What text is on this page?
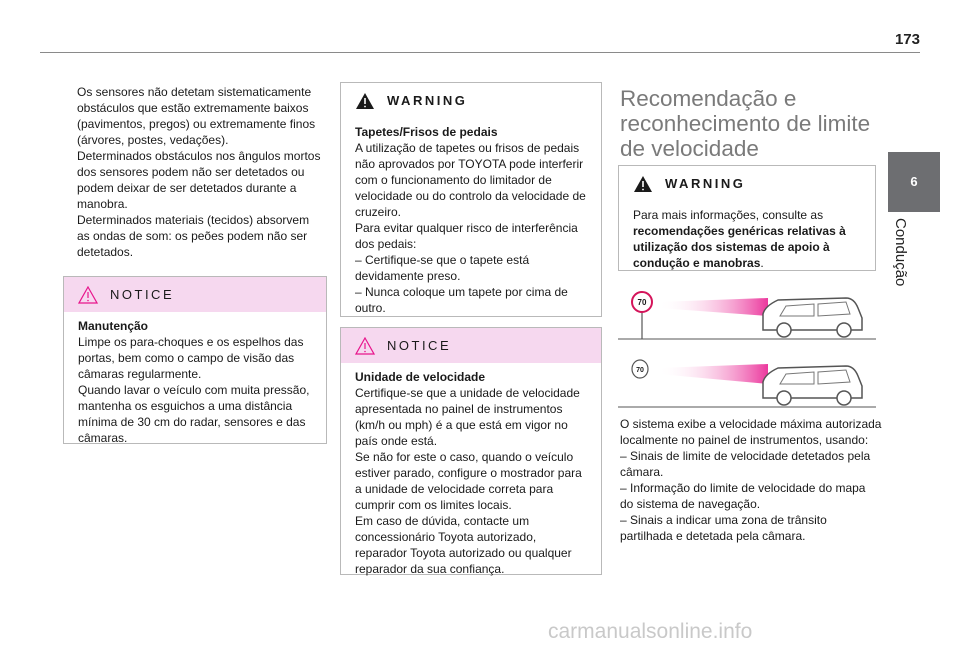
173
6
Condução

Os sensores não detetam sistematicamente obstáculos que estão extremamente baixos (pavimentos, pregos) ou extremamente finos (árvores, postes, vedações).

Determinados obstáculos nos ângulos mortos dos sensores podem não ser detetados ou podem deixar de ser detetados durante a manobra.

Determinados materiais (tecidos) absorvem as ondas de som: os peões podem não ser detetados.

NOTICE
Manutenção
Limpe os para-choques e os espelhos das portas, bem como o campo de visão das câmaras regularmente.
Quando lavar o veículo com muita pressão, mantenha os esguichos a uma distância mínima de 30 cm do radar, sensores e das câmaras.
WARNING
Tapetes/Frisos de pedais
A utilização de tapetes ou frisos de pedais não aprovados por TOYOTA pode interferir com o funcionamento do limitador de velocidade ou do controlo da velocidade de cruzeiro.
Para evitar qualquer risco de interferência dos pedais:
– Certifique-se que o tapete está devidamente preso.
– Nunca coloque um tapete por cima de outro.
NOTICE
Unidade de velocidade
Certifique-se que a unidade de velocidade apresentada no painel de instrumentos (km/h ou mph) é a que está em vigor no país onde está.
Se não for este o caso, quando o veículo estiver parado, configure o mostrador para a unidade de velocidade correta para cumprir com os limites locais.
Em caso de dúvida, contacte um concessionário Toyota autorizado, reparador Toyota autorizado ou qualquer reparador da sua confiança.
Recomendação e reconhecimento de limite de velocidade
WARNING
Para mais informações, consulte as recomendações genéricas relativas à utilização dos sistemas de apoio à condução e manobras.
70
70
O sistema exibe a velocidade máxima autorizada localmente no painel de instrumentos, usando:
– Sinais de limite de velocidade detetados pela câmara.
– Informação do limite de velocidade do mapa do sistema de navegação.
– Sinais a indicar uma zona de trânsito partilhada e detetada pela câmara.
carmanualsonline.info
